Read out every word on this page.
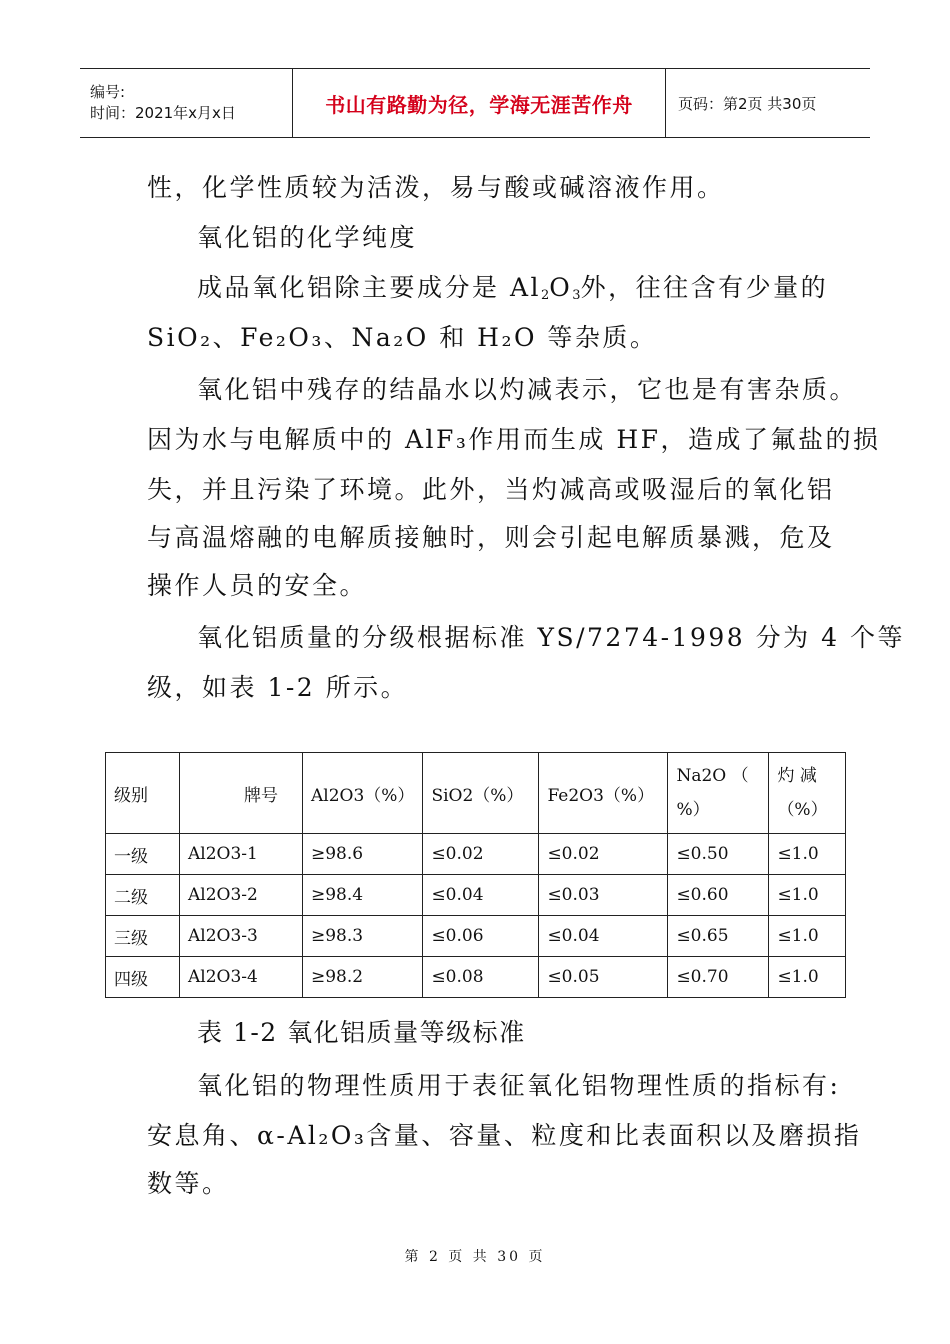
编号:
时间：2021年x月x日	书山有路勤为径，学海无涯苦作舟	页码：第2页 共30页
性，化学性质较为活泼，易与酸或碱溶液作用。
氧化铝的化学纯度
成品氧化铝除主要成分是 $Al_2O_3$外，往往含有少量的
SiO₂、Fe₂O₃、Na₂O 和 H₂O 等杂质。
氧化铝中残存的结晶水以灼减表示，它也是有害杂质。
因为水与电解质中的 AlF₃作用而生成 HF，造成了氟盐的损
失，并且污染了环境。此外，当灼减高或吸湿后的氧化铝
与高温熔融的电解质接触时，则会引起电解质暴溅，危及
操作人员的安全。
氧化铝质量的分级根据标准 YS/7274-1998 分为 4 个等
级，如表 1-2 所示。
级别	牌号	Al2O3（%）	SiO2（%）	Fe2O3（%）	Na2O （ %）	灼 减（%）
一级	Al2O3-1	≥98.6	≤0.02	≤0.02	≤0.50	≤1.0
二级	Al2O3-2	≥98.4	≤0.04	≤0.03	≤0.60	≤1.0
三级	Al2O3-3	≥98.3	≤0.06	≤0.04	≤0.65	≤1.0
四级	Al2O3-4	≥98.2	≤0.08	≤0.05	≤0.70	≤1.0
表 1-2 氧化铝质量等级标准
氧化铝的物理性质用于表征氧化铝物理性质的指标有:
安息角、α-Al₂O₃含量、容量、粒度和比表面积以及磨损指
数等。
第 2 页 共 30 页
